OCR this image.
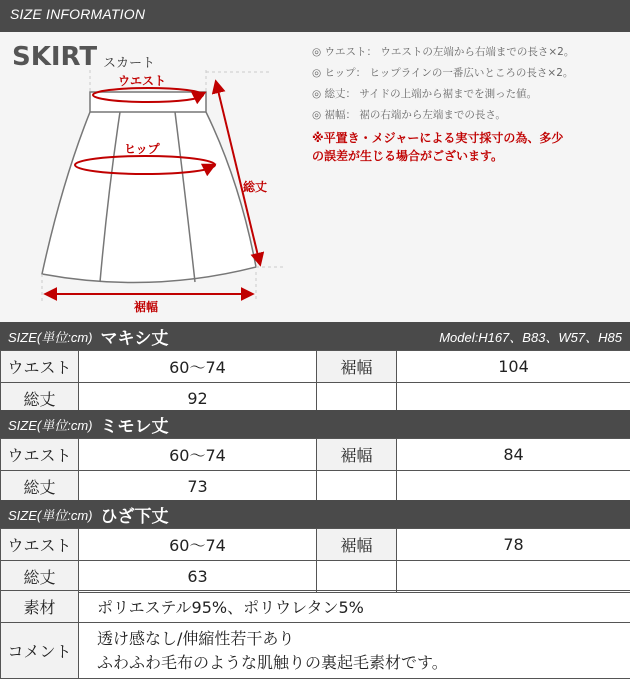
SIZE INFORMATION
SKIRT スカート
ウエスト
ヒップ
総丈
裾幅
◎ ウエスト： ウエストの左端から右端までの長さ×2。
◎ ヒップ： ヒップラインの一番広いところの長さ×2。
◎ 総丈： サイドの上端から裾までを測った値。
◎ 裾幅： 裾の右端から左端までの長さ。
※平置き・メジャーによる実寸採寸の為、多少
の誤差が生じる場合がございます。
SIZE(単位:cm) マキシ丈	Model:H167、B83、W57、H85
ウエスト	60〜74	裾幅	104
総丈	92		
SIZE(単位:cm) ミモレ丈
ウエスト	60〜74	裾幅	84
総丈	73		
SIZE(単位:cm) ひざ下丈
ウエスト	60〜74	裾幅	78
総丈	63		
素材	ポリエステル95%、ポリウレタン5%
コメント	透け感なし/伸縮性若干あり
ふわふわ毛布のような肌触りの裏起毛素材です。
